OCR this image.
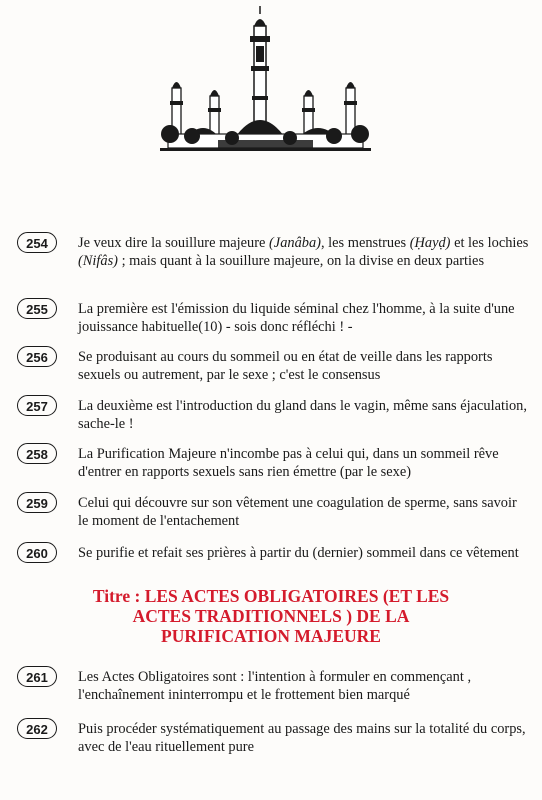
254	Je veux dire la souillure majeure (Janâba), les menstrues (Ḥayḍ) et les lochies (Nifâs) ; mais quant à la souillure majeure, on la divise en deux parties
255	La première est l'émission du liquide séminal chez l'homme, à la suite d'une jouissance habituelle(10) - sois donc réfléchi ! -
256	Se produisant au cours du sommeil ou en état de veille dans les rapports sexuels ou autrement, par le sexe ; c'est le consensus
257	La deuxième est l'introduction du gland dans le vagin, même sans éjaculation, sache-le !
258	La Purification Majeure n'incombe pas à celui qui, dans un sommeil rêve d'entrer en rapports sexuels sans rien émettre (par le sexe)
259	Celui qui découvre sur son vêtement une coagulation de sperme, sans savoir le moment de l'entachement
260	Se purifie et refait ses prières à partir du (dernier) sommeil dans ce vêtement
261	Les Actes Obligatoires sont : l'intention à formuler en commençant , l'enchaînement ininterrompu et le frottement bien marqué
262	Puis procéder systématiquement au passage des mains sur la totalité du corps, avec de l'eau rituellement pure
Titre : LES ACTES OBLIGATOIRES (ET LES
ACTES TRADITIONNELS ) DE LA
PURIFICATION MAJEURE
